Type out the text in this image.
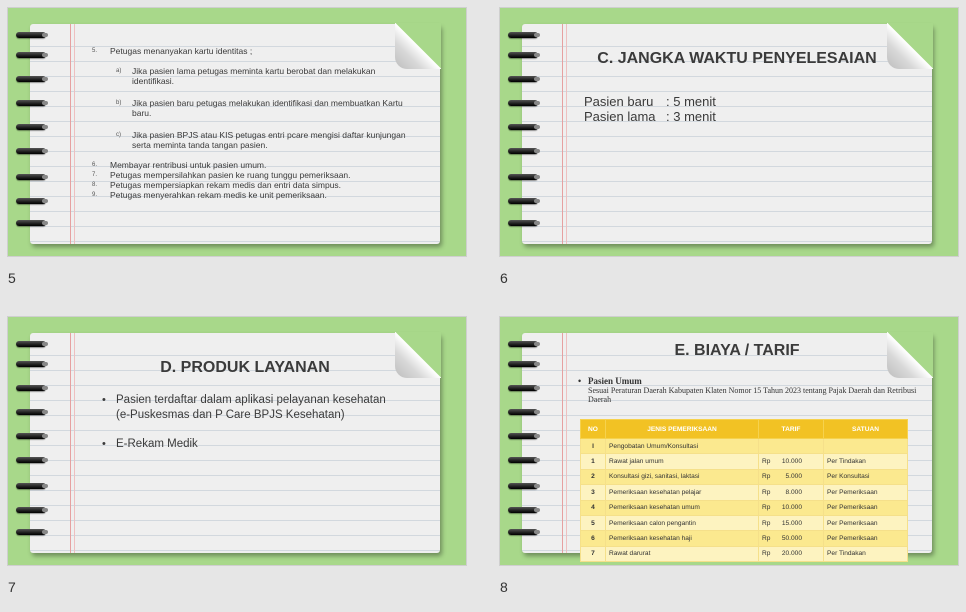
5. Petugas menanyakan kartu identitas ;
a) Jika pasien lama petugas meminta kartu berobat dan melakukan identifikasi.
b) Jika pasien baru petugas melakukan identifikasi dan membuatkan Kartu baru.
c) Jika pasien BPJS atau KIS petugas entri pcare mengisi daftar kunjungan serta meminta tanda tangan pasien.
6. Membayar rentribusi untuk pasien umum.
7. Petugas mempersilahkan pasien ke ruang tunggu pemeriksaan.
8. Petugas mempersiapkan rekam medis dan entri data simpus.
9. Petugas menyerahkan rekam medis ke unit pemeriksaan.
5
C. JANGKA WAKTU PENYELESAIAN
Pasien baru : 5 menit
Pasien lama : 3 menit
6
D. PRODUK LAYANAN
• Pasien terdaftar dalam aplikasi pelayanan kesehatan (e-Puskesmas dan P Care BPJS Kesehatan)
• E-Rekam Medik
7
E. BIAYA / TARIF
• Pasien Umum
Sesuai Peraturan Daerah Kabupaten Klaten Nomor 15 Tahun 2023 tentang Pajak Daerah dan Retribusi Daerah
NO	JENIS PEMERIKSAAN	TARIF	SATUAN
I	Pengobatan Umum/Konsultasi		
1	Rawat jalan umum	Rp 10.000	Per Tindakan
2	Konsultasi gizi, sanitasi, laktasi	Rp 5.000	Per Konsultasi
3	Pemeriksaan kesehatan pelajar	Rp 8.000	Per Pemeriksaan
4	Pemeriksaan kesehatan umum	Rp 10.000	Per Pemeriksaan
5	Pemeriksaan calon pengantin	Rp 15.000	Per Pemeriksaan
6	Pemeriksaan kesehatan haji	Rp 50.000	Per Pemeriksaan
7	Rawat darurat	Rp 20.000	Per Tindakan
8
